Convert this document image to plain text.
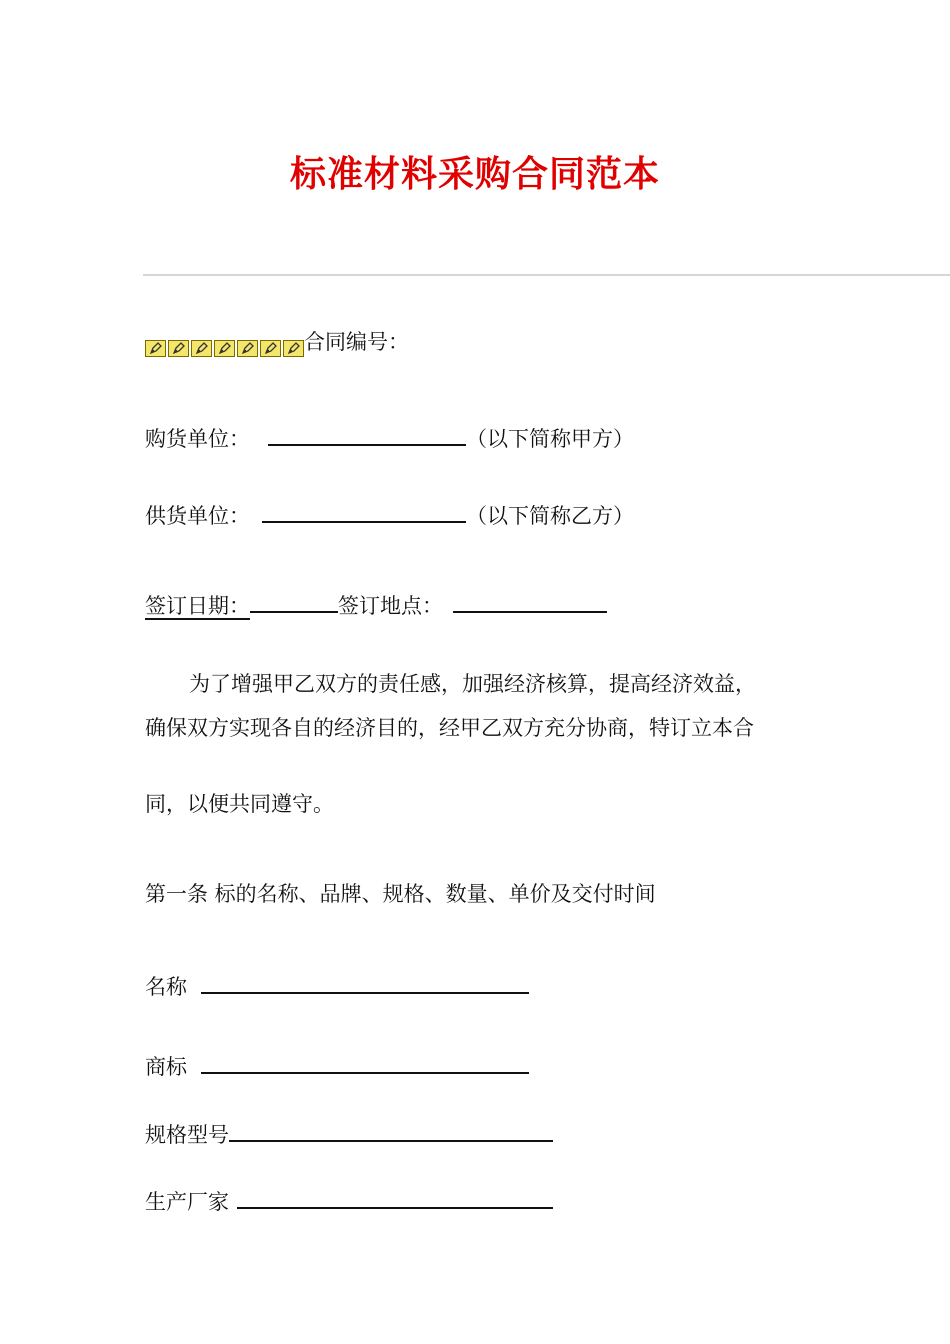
标准材料采购合同范本
合同编号：
购货单位：	（以下简称甲方）
供货单位：	（以下简称乙方）
签订日期：	签订地点：
为了增强甲乙双方的责任感，加强经济核算，提高经济效益，
确保双方实现各自的经济目的，经甲乙双方充分协商，特订立本合
同，以便共同遵守。
第一条 标的名称、品牌、规格、数量、单价及交付时间
名称
商标
规格型号
生产厂家
